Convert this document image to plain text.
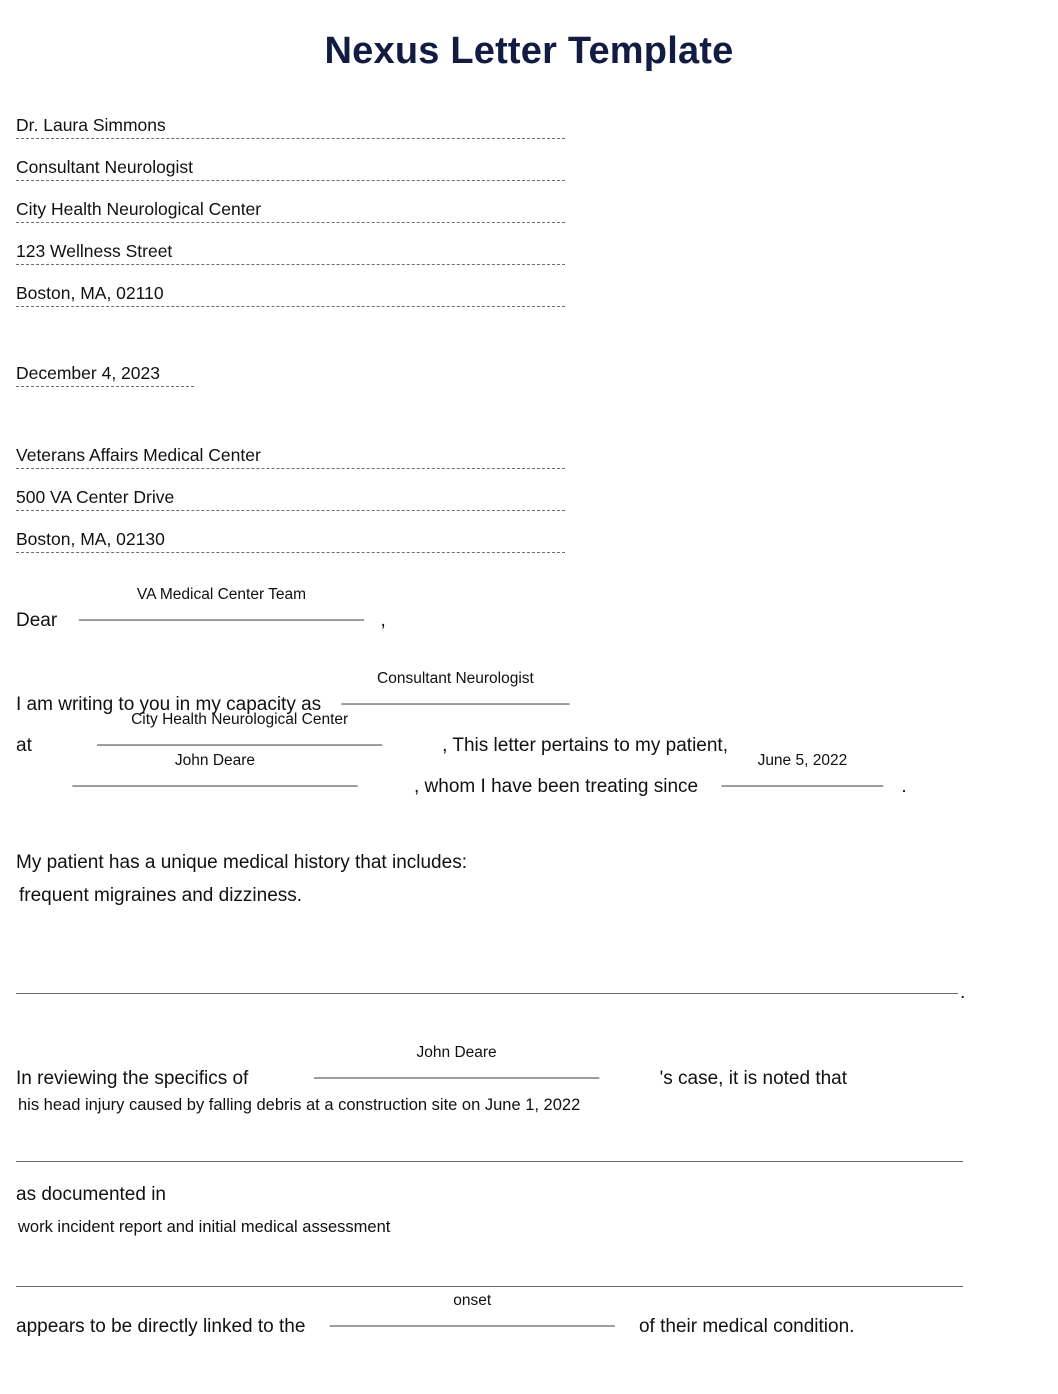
Nexus Letter Template
Dr. Laura Simmons
Consultant Neurologist
City Health Neurological Center
123 Wellness Street
Boston, MA, 02110
December 4, 2023
Veterans Affairs Medical Center
500 VA Center Drive
Boston, MA, 02130
Dear	______________________________
VA Medical Center Team
,
I am writing to you in my capacity as	________________________
Consultant Neurologist
at	______________________________
City Health Neurological Center
, This letter pertains to my patient,
______________________________
John Deare
, whom I have been treating since	_________________
June 5, 2022
.
My patient has a unique medical history that includes:
frequent migraines and dizziness.
.
In reviewing the specifics of	______________________________
John Deare
's case, it is noted that
his head injury caused by falling debris at a construction site on June 1, 2022
as documented in
work incident report and initial medical assessment
appears to be directly linked to the	______________________________
onset
of their medical condition.
